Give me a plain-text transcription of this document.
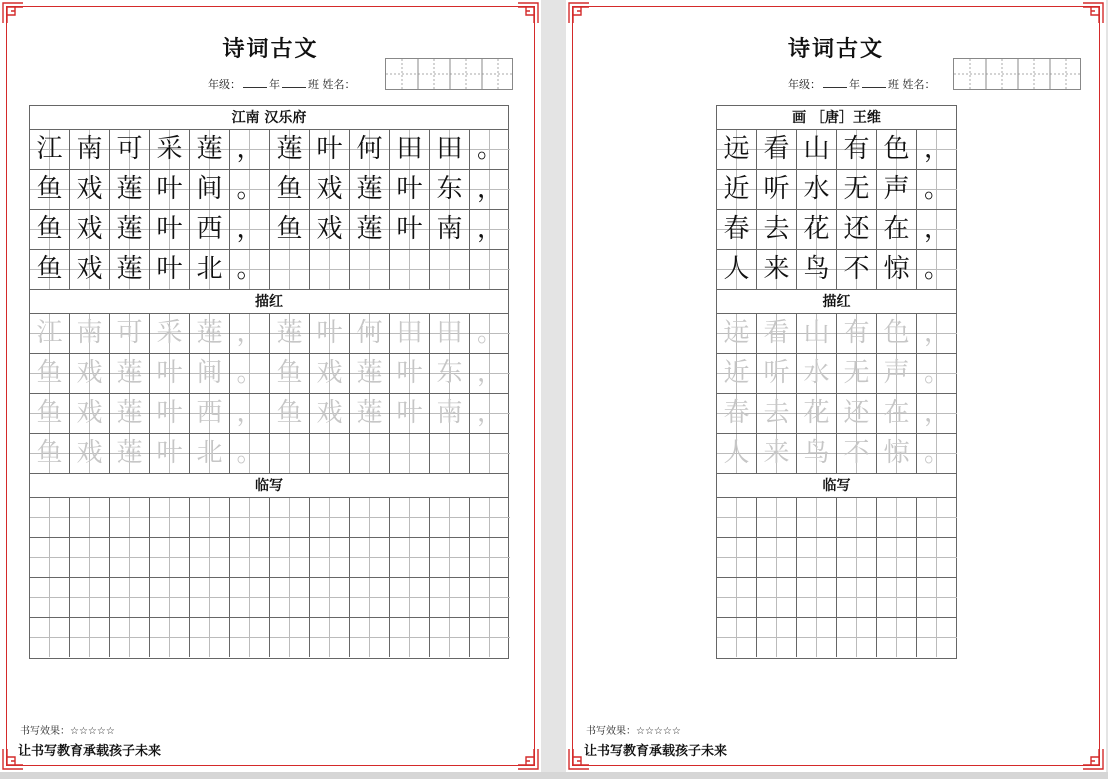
诗词古文
年级：	年	班 姓名：
江南 汉乐府
江 南 可 采 莲 ， 莲 叶 何 田 田 。
鱼 戏 莲 叶 间 。 鱼 戏 莲 叶 东 ，
鱼 戏 莲 叶 西 ， 鱼 戏 莲 叶 南 ，
鱼 戏 莲 叶 北 。
描红
江 南 可 采 莲 ， 莲 叶 何 田 田 。
鱼 戏 莲 叶 间 。 鱼 戏 莲 叶 东 ，
鱼 戏 莲 叶 西 ， 鱼 戏 莲 叶 南 ，
鱼 戏 莲 叶 北 。
临写
书写效果：☆☆☆☆☆
让书写教育承载孩子未来
诗词古文
年级：	年	班 姓名：
画 ［唐］王维
远 看 山 有 色 ，
近 听 水 无 声 。
春 去 花 还 在 ，
人 来 鸟 不 惊 。
描红
远 看 山 有 色 ，
近 听 水 无 声 。
春 去 花 还 在 ，
人 来 鸟 不 惊 。
临写
书写效果：☆☆☆☆☆
让书写教育承载孩子未来
